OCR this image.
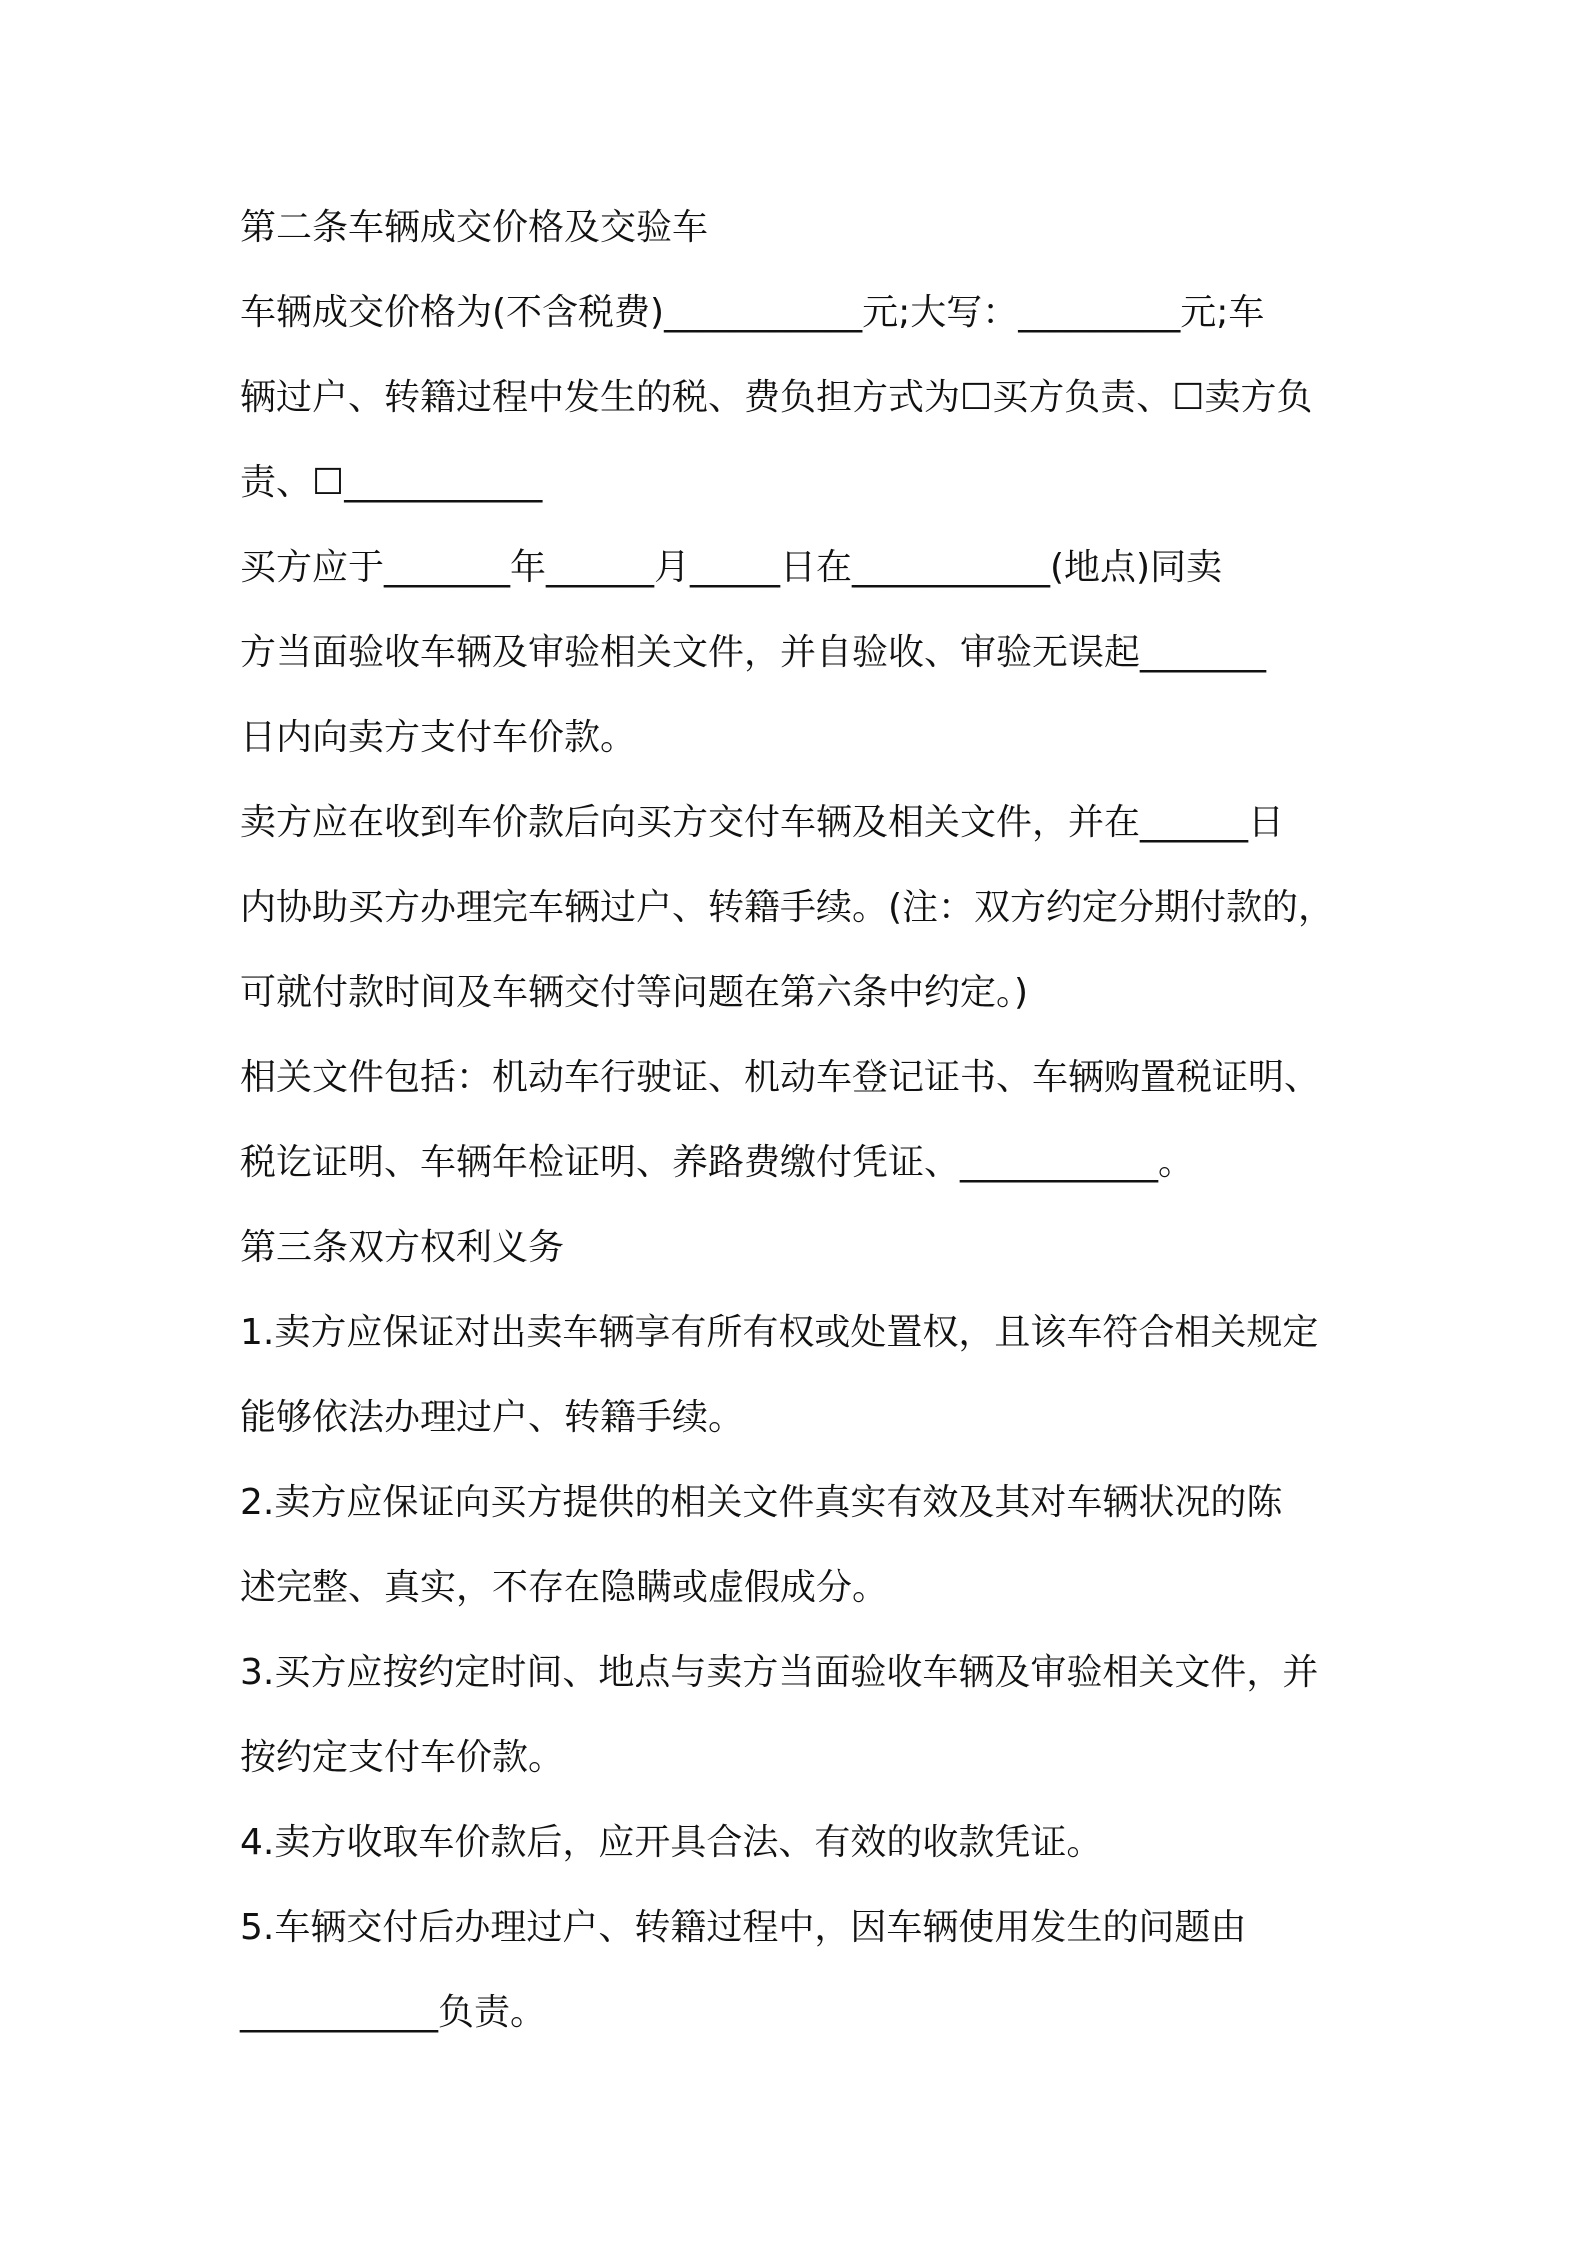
第二条车辆成交价格及交验车
车辆成交价格为(不含税费)___________元;大写：_________元;车
辆过户、转籍过程中发生的税、费负担方式为☐买方负责、☐卖方负
责、☐___________
买方应于_______年______月_____日在___________(地点)同卖
方当面验收车辆及审验相关文件，并自验收、审验无误起_______
日内向卖方支付车价款。
卖方应在收到车价款后向买方交付车辆及相关文件，并在______日
内协助买方办理完车辆过户、转籍手续。(注：双方约定分期付款的，
可就付款时间及车辆交付等问题在第六条中约定。)
相关文件包括：机动车行驶证、机动车登记证书、车辆购置税证明、
税讫证明、车辆年检证明、养路费缴付凭证、___________。
第三条双方权利义务
1.卖方应保证对出卖车辆享有所有权或处置权，且该车符合相关规定
能够依法办理过户、转籍手续。
2.卖方应保证向买方提供的相关文件真实有效及其对车辆状况的陈
述完整、真实，不存在隐瞒或虚假成分。
3.买方应按约定时间、地点与卖方当面验收车辆及审验相关文件，并
按约定支付车价款。
4.卖方收取车价款后，应开具合法、有效的收款凭证。
5.车辆交付后办理过户、转籍过程中，因车辆使用发生的问题由
___________负责。
